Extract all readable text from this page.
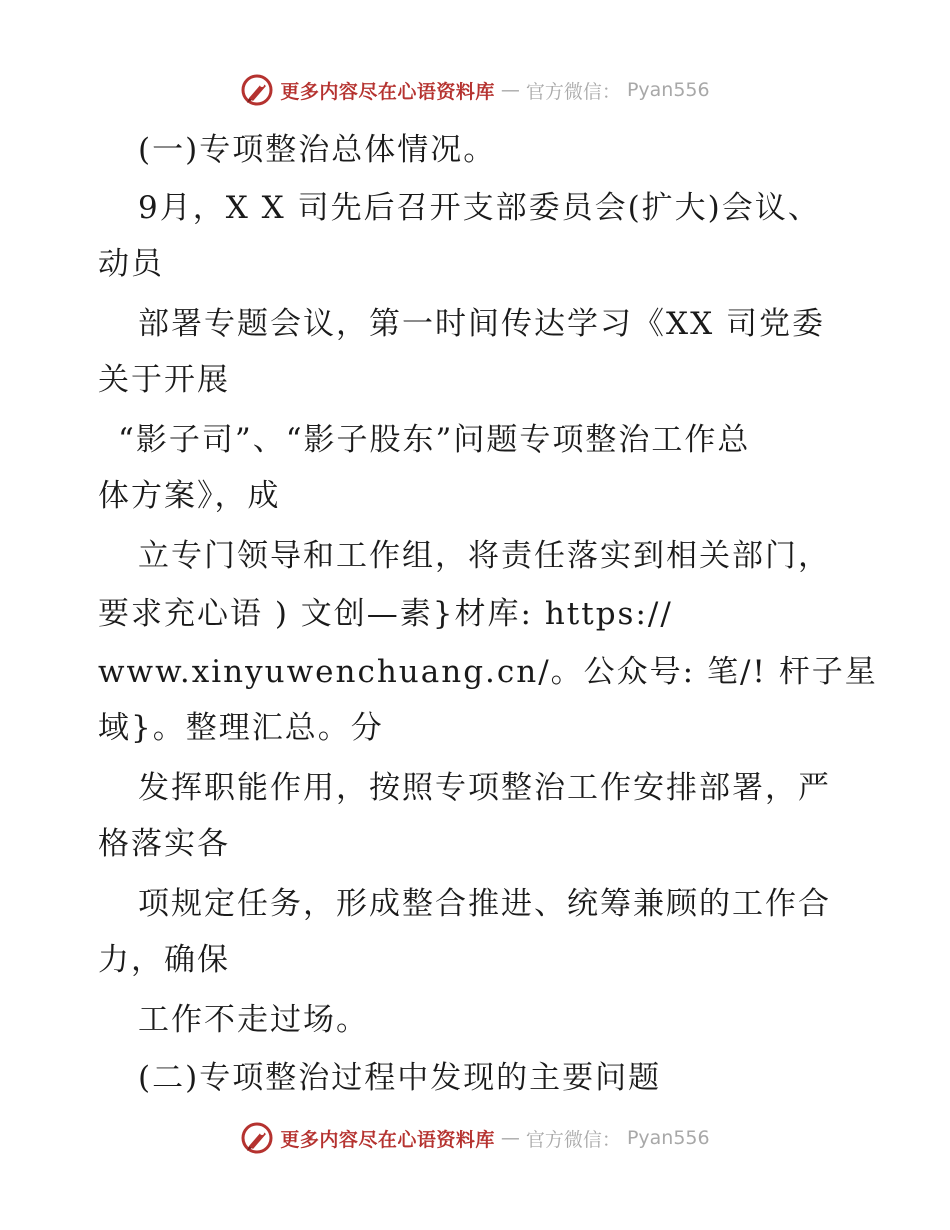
更多内容尽在心语资料库 — 官方微信： Pyan556
(一)专项整治总体情况。
9月，X X 司先后召开支部委员会(扩大)会议、
动员
部署专题会议，第一时间传达学习《XX 司党委
关于开展
“影子司”、“影子股东”问题专项整治工作总
体方案》，成
立专门领导和工作组，将责任落实到相关部门，
要求充心语 ) 文创—素}材库: https://
www.xinyuwenchuang.cn/。公众号: 笔/! 杆子星
域}。整理汇总。分
发挥职能作用，按照专项整治工作安排部署，严
格落实各
项规定任务，形成整合推进、统筹兼顾的工作合
力，确保
工作不走过场。
(二)专项整治过程中发现的主要问题
更多内容尽在心语资料库 — 官方微信： Pyan556
